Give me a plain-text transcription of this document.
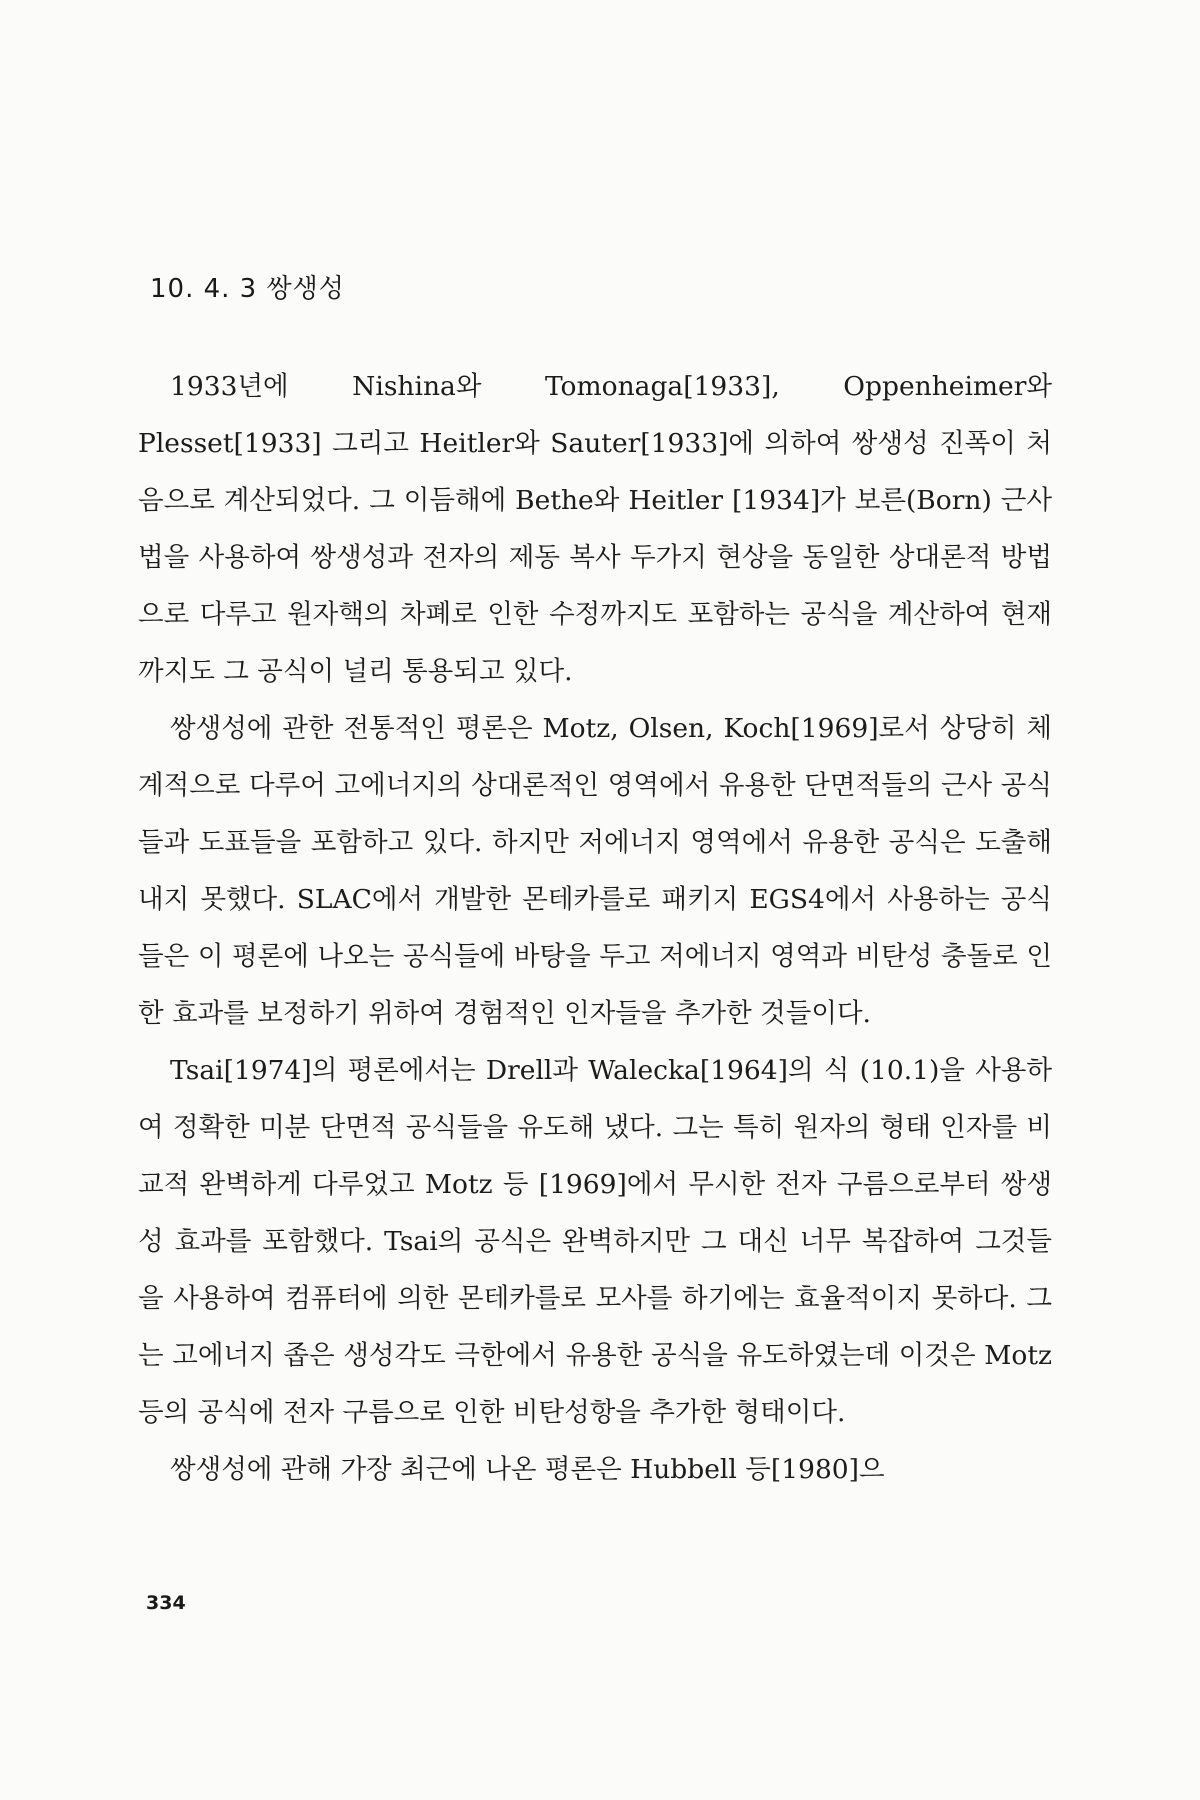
10. 4. 3 쌍생성

1933년에 Nishina와 Tomonaga[1933], Oppenheimer와 Plesset[1933] 그리고 Heitler와 Sauter[1933]에 의하여 쌍생성 진폭이 처음으로 계산되었다. 그 이듬해에 Bethe와 Heitler [1934]가 보른(Born) 근사법을 사용하여 쌍생성과 전자의 제동 복사 두가지 현상을 동일한 상대론적 방법으로 다루고 원자핵의 차폐로 인한 수정까지도 포함하는 공식을 계산하여 현재까지도 그 공식이 널리 통용되고 있다.

쌍생성에 관한 전통적인 평론은 Motz, Olsen, Koch[1969]로서 상당히 체계적으로 다루어 고에너지의 상대론적인 영역에서 유용한 단면적들의 근사 공식들과 도표들을 포함하고 있다. 하지만 저에너지 영역에서 유용한 공식은 도출해내지 못했다. SLAC에서 개발한 몬테카를로 패키지 EGS4에서 사용하는 공식들은 이 평론에 나오는 공식들에 바탕을 두고 저에너지 영역과 비탄성 충돌로 인한 효과를 보정하기 위하여 경험적인 인자들을 추가한 것들이다.

Tsai[1974]의 평론에서는 Drell과 Walecka[1964]의 식 (10.1)을 사용하여 정확한 미분 단면적 공식들을 유도해 냈다. 그는 특히 원자의 형태 인자를 비교적 완벽하게 다루었고 Motz 등 [1969]에서 무시한 전자 구름으로부터 쌍생성 효과를 포함했다. Tsai의 공식은 완벽하지만 그 대신 너무 복잡하여 그것들을 사용하여 컴퓨터에 의한 몬테카를로 모사를 하기에는 효율적이지 못하다. 그는 고에너지 좁은 생성각도 극한에서 유용한 공식을 유도하였는데 이것은 Motz 등의 공식에 전자 구름으로 인한 비탄성항을 추가한 형태이다.

쌍생성에 관해 가장 최근에 나온 평론은 Hubbell 등[1980]으

334
